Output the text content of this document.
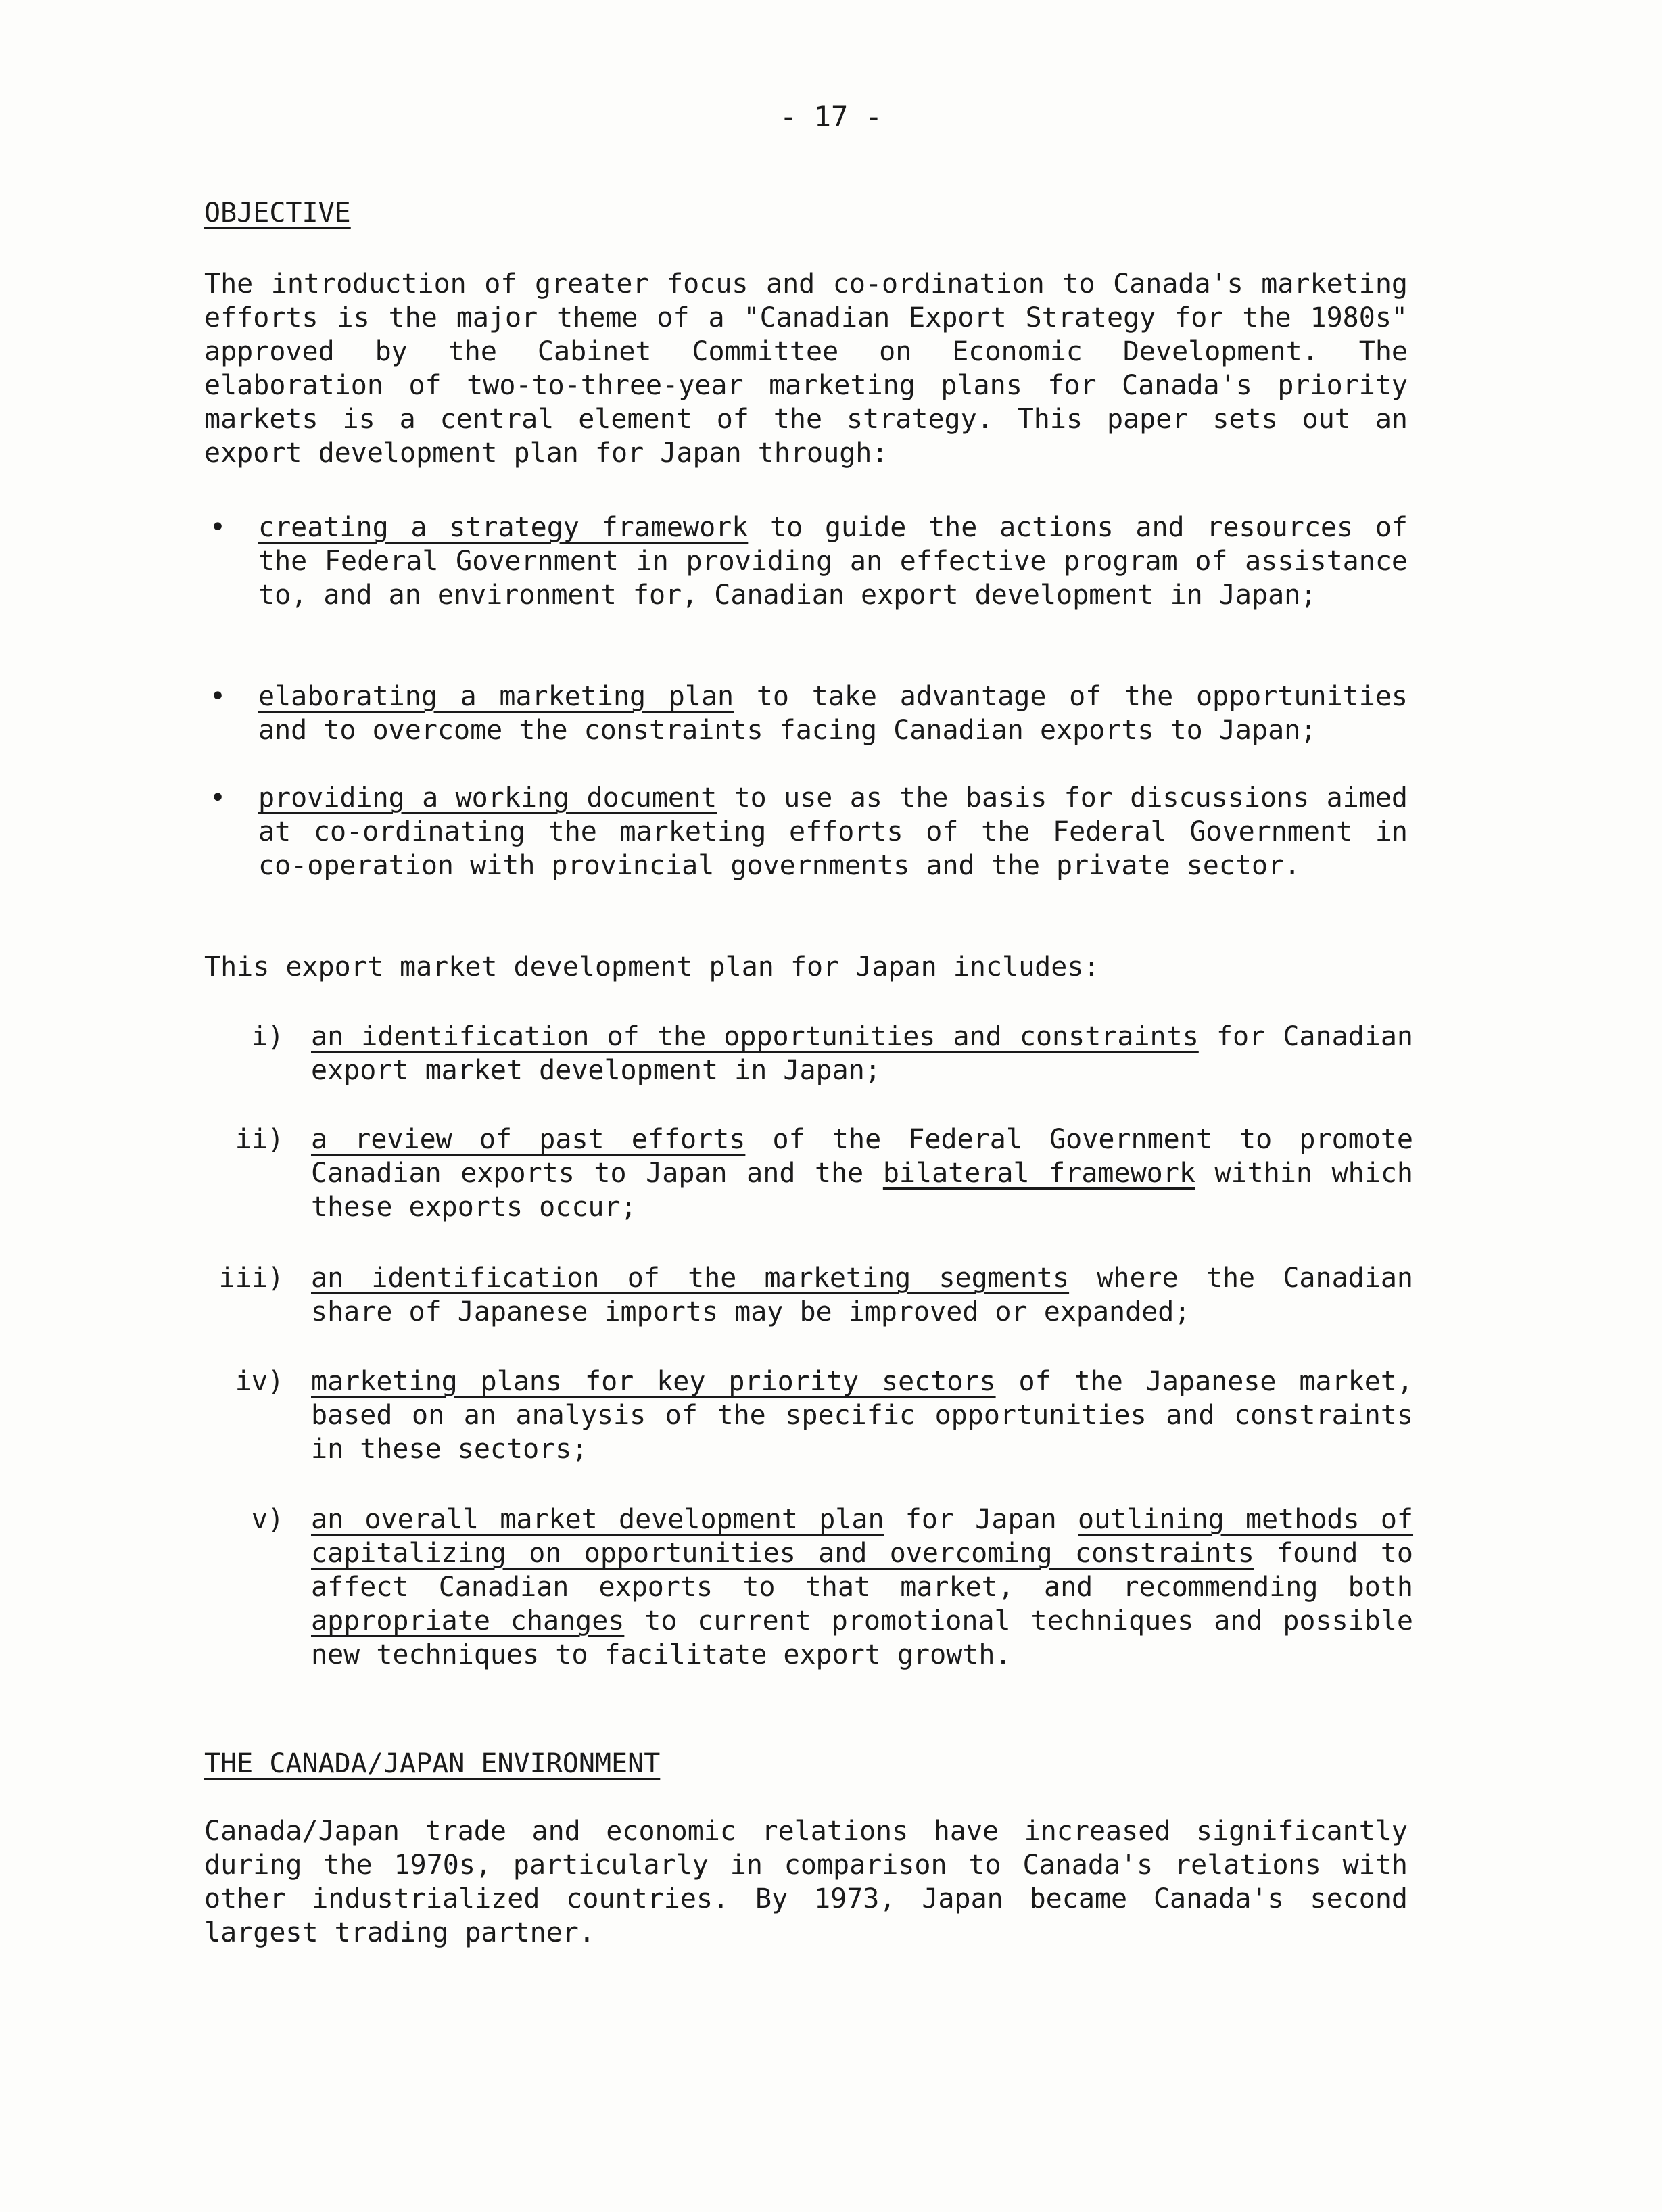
- 17 -
OBJECTIVE
The introduction of greater focus and co-ordination to Canada's marketing efforts is the major theme of a "Canadian Export Strategy for the 1980s" approved by the Cabinet Committee on Economic Development. The elaboration of two-to-three-year marketing plans for Canada's priority markets is a central element of the strategy. This paper sets out an export development plan for Japan through:
•	creating a strategy framework to guide the actions and resources of the Federal Government in providing an effective program of assistance to, and an environment for, Canadian export development in Japan;
•	elaborating a marketing plan to take advantage of the opportunities and to overcome the constraints facing Canadian exports to Japan;
•	providing a working document to use as the basis for discussions aimed at co-ordinating the marketing efforts of the Federal Government in co-operation with provincial governments and the private sector.
This export market development plan for Japan includes:
i) an identification of the opportunities and constraints for Canadian export market development in Japan;
ii) a review of past efforts of the Federal Government to promote Canadian exports to Japan and the bilateral framework within which these exports occur;
iii) an identification of the marketing segments where the Canadian share of Japanese imports may be improved or expanded;
iv) marketing plans for key priority sectors of the Japanese market, based on an analysis of the specific opportunities and constraints in these sectors;
v) an overall market development plan for Japan outlining methods of capitalizing on opportunities and overcoming constraints found to affect Canadian exports to that market, and recommending both appropriate changes to current promotional techniques and possible new techniques to facilitate export growth.
THE CANADA/JAPAN ENVIRONMENT
Canada/Japan trade and economic relations have increased significantly during the 1970s, particularly in comparison to Canada's relations with other industrialized countries. By 1973, Japan became Canada's second largest trading partner.
